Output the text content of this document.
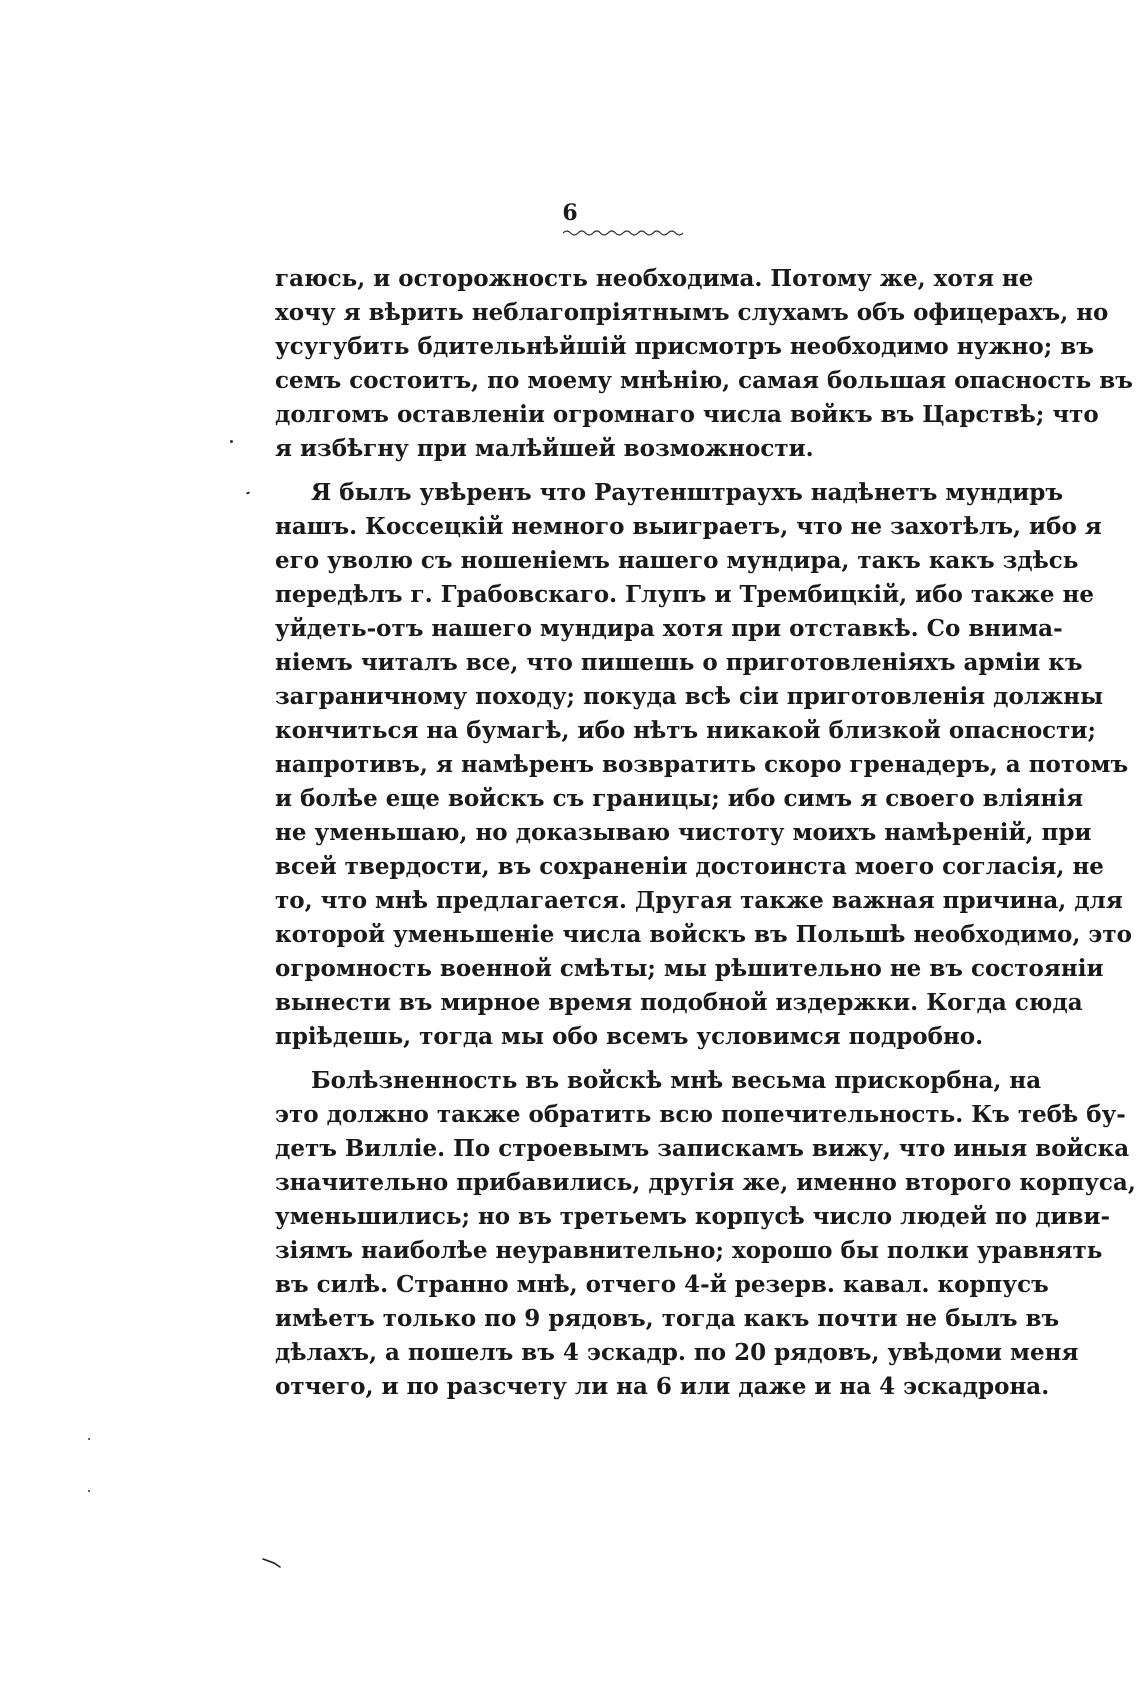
6
гаюсь, и осторожность необходима. Потому же, хотя не
хочу я вѣрить неблагопріятнымъ слухамъ объ офицерахъ, но
усугубить бдительнѣйшій присмотръ необходимо нужно; въ
семъ состоитъ, по моему мнѣнію, самая большая опасность въ
долгомъ оставленіи огромнаго числа войкъ въ Царствѣ; что
я избѣгну при малѣйшей возможности.
Я былъ увѣренъ что Раутенштраухъ надѣнетъ мундиръ
нашъ. Коссецкій немного выиграетъ, что не захотѣлъ, ибо я
его уволю съ ношеніемъ нашего мундира, такъ какъ здѣсь
передѣлъ г. Грабовскаго. Глупъ и Трембицкій, ибо также не
уйдеть-отъ нашего мундира хотя при отставкѣ. Со внима-
ніемъ читалъ все, что пишешь о приготовленіяхъ арміи къ
заграничному походу; покуда всѣ сіи приготовленія должны
кончиться на бумагѣ, ибо нѣтъ никакой близкой опасности;
напротивъ, я намѣренъ возвратить скоро гренадеръ, а потомъ
и болѣе еще войскъ съ границы; ибо симъ я своего вліянія
не уменьшаю, но доказываю чистоту моихъ намѣреній, при
всей твердости, въ сохраненіи достоинста моего согласія, не
то, что мнѣ предлагается. Другая также важная причина, для
которой уменьшеніе числа войскъ въ Польшѣ необходимо, это
огромность военной смѣты; мы рѣшительно не въ состояніи
вынести въ мирное время подобной издержки. Когда сюда
пріѣдешь, тогда мы обо всемъ условимся подробно.
Болѣзненность въ войскѣ мнѣ весьма прискорбна, на
это должно также обратить всю попечительность. Къ тебѣ бу-
детъ Вилліе. По строевымъ запискамъ вижу, что иныя войска
значительно прибавились, другія же, именно второго корпуса,
уменьшились; но въ третьемъ корпусѣ число людей по диви-
зіямъ наиболѣе неуравнительно; хорошо бы полки уравнять
въ силѣ. Странно мнѣ, отчего 4-й резерв. кавал. корпусъ
имѣетъ только по 9 рядовъ, тогда какъ почти не былъ въ
дѣлахъ, а пошелъ въ 4 эскадр. по 20 рядовъ, увѣдоми меня
отчего, и по разсчету ли на 6 или даже и на 4 эскадрона.
